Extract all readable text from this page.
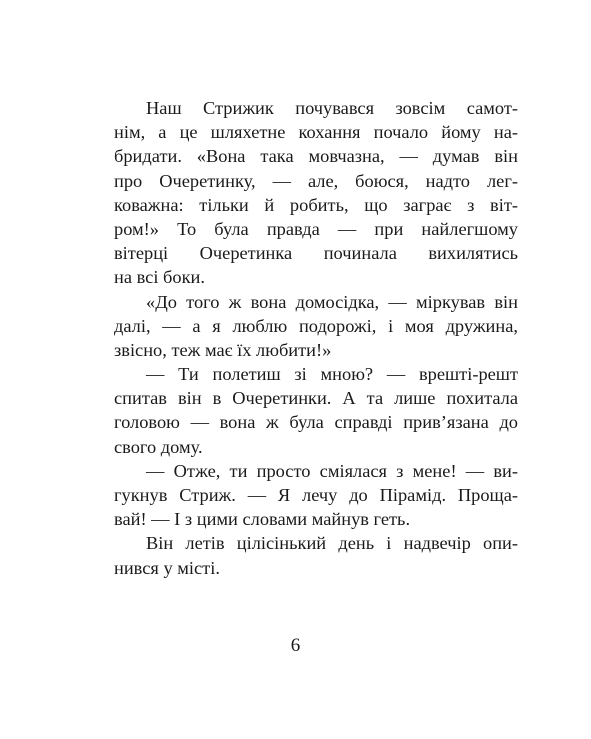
Наш Стрижик почувався зовсім самот-
нім, а це шляхетне кохання почало йому на-
бридати. «Вона така мовчазна, — думав він
про Очеретинку, — але, боюся, надто лег-
коважна: тільки й робить, що заграє з віт-
ром!» То була правда — при найлегшому
вітерці Очеретинка починала вихилятись
на всі боки.
«До того ж вона домосідка, — міркував він
далі, — а я люблю подорожі, і моя дружина,
звісно, теж має їх любити!»
— Ти полетиш зі мною? — врешті-решт
спитав він в Очеретинки. А та лише похитала
головою — вона ж була справді прив’язана до
свого дому.
— Отже, ти просто сміялася з мене! — ви-
гукнув Стриж. — Я лечу до Пірамід. Проща-
вай! — І з цими словами майнув геть.
Він летів цілісінький день і надвечір опи-
нився у місті.
6
